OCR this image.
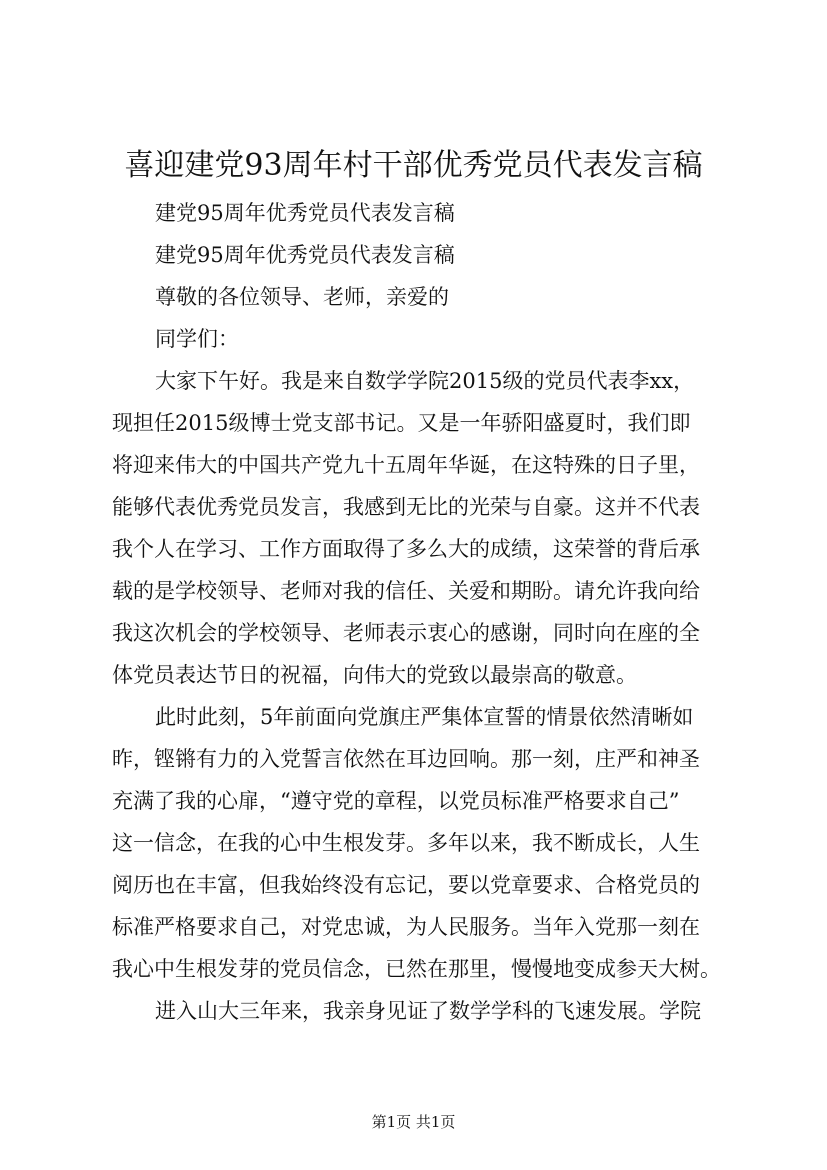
喜迎建党93周年村干部优秀党员代表发言稿
建党95周年优秀党员代表发言稿
建党95周年优秀党员代表发言稿
尊敬的各位领导、老师，亲爱的
同学们：
大家下午好。我是来自数学学院2015级的党员代表李xx，
现担任2015级博士党支部书记。又是一年骄阳盛夏时，我们即
将迎来伟大的中国共产党九十五周年华诞，在这特殊的日子里，
能够代表优秀党员发言，我感到无比的光荣与自豪。这并不代表
我个人在学习、工作方面取得了多么大的成绩，这荣誉的背后承
载的是学校领导、老师对我的信任、关爱和期盼。请允许我向给
我这次机会的学校领导、老师表示衷心的感谢，同时向在座的全
体党员表达节日的祝福，向伟大的党致以最崇高的敬意。
此时此刻，5年前面向党旗庄严集体宣誓的情景依然清晰如
昨，铿锵有力的入党誓言依然在耳边回响。那一刻，庄严和神圣
充满了我的心扉，“遵守党的章程，以党员标准严格要求自己”
这一信念，在我的心中生根发芽。多年以来，我不断成长，人生
阅历也在丰富，但我始终没有忘记，要以党章要求、合格党员的
标准严格要求自己，对党忠诚，为人民服务。当年入党那一刻在
我心中生根发芽的党员信念，已然在那里，慢慢地变成参天大树。
进入山大三年来，我亲身见证了数学学科的飞速发展。学院
第1页 共1页
